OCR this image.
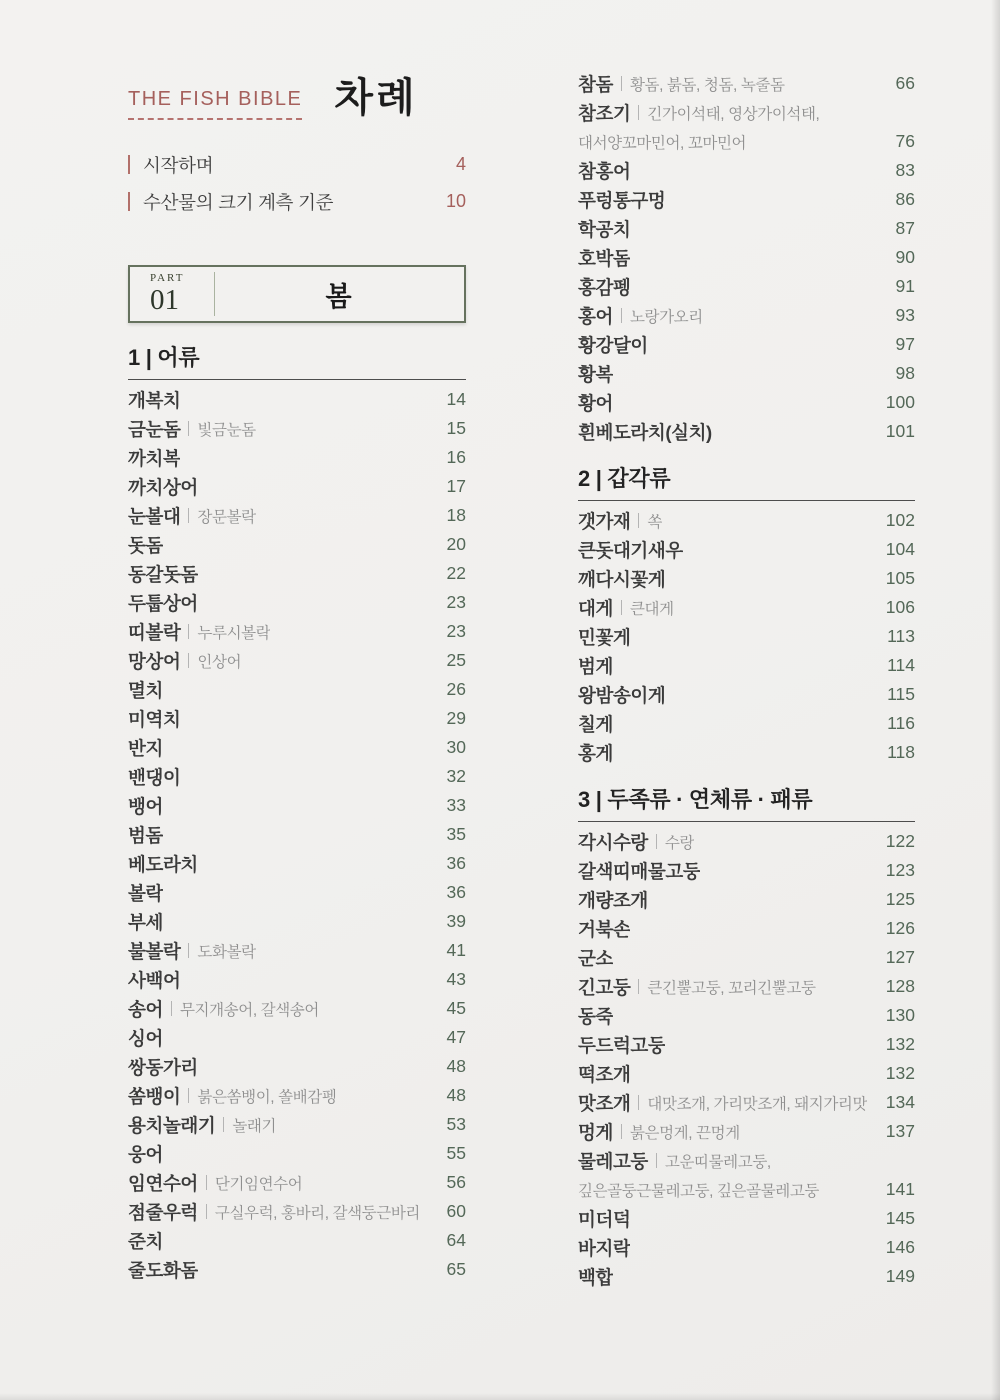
THE FISH BIBLE 차례
시작하며	4
수산물의 크기 계측 기준	10
PART
01	봄
1 | 어류
개복치	14
금눈돔 빛금눈돔	15
까치복	16
까치상어	17
눈볼대 장문볼락	18
돗돔	20
동갈돗돔	22
두툽상어	23
띠볼락 누루시볼락	23
망상어 인상어	25
멸치	26
미역치	29
반지	30
밴댕이	32
뱅어	33
범돔	35
베도라치	36
볼락	36
부세	39
불볼락 도화볼락	41
사백어	43
송어 무지개송어, 갈색송어	45
싱어	47
쌍동가리	48
쏨뱅이 붉은쏨뱅이, 쏠배감펭	48
용치놀래기 놀래기	53
웅어	55
임연수어 단기임연수어	56
점줄우럭 구실우럭, 홍바리, 갈색둥근바리 60
준치	64
줄도화돔	65
참돔 황돔, 붉돔, 청돔, 녹줄돔	66
참조기 긴가이석태, 영상가이석태,
대서양꼬마민어, 꼬마민어	76
참홍어	83
푸렁통구멍	86
학공치	87
호박돔	90
홍감펭	91
홍어 노랑가오리	93
황강달이	97
황복	98
황어	100
흰베도라치(실치)	101
2 | 갑각류
갯가재 쏙	102
큰돗대기새우	104
깨다시꽃게	105
대게 큰대게	106
민꽃게	113
범게	114
왕밤송이게	115
칠게	116
홍게	118
3 | 두족류 · 연체류 · 패류
각시수랑 수랑	122
갈색띠매물고둥	123
개량조개	125
거북손	126
군소	127
긴고둥 큰긴뿔고둥, 꼬리긴뿔고둥	128
동죽	130
두드럭고둥	132
떡조개	132
맛조개 대맛조개, 가리맛조개, 돼지가리맛 134
멍게 붉은멍게, 끈멍게	137
물레고둥 고운띠물레고둥,
깊은골둥근물레고둥, 깊은골물레고둥	141
미더덕	145
바지락	146
백합	149
